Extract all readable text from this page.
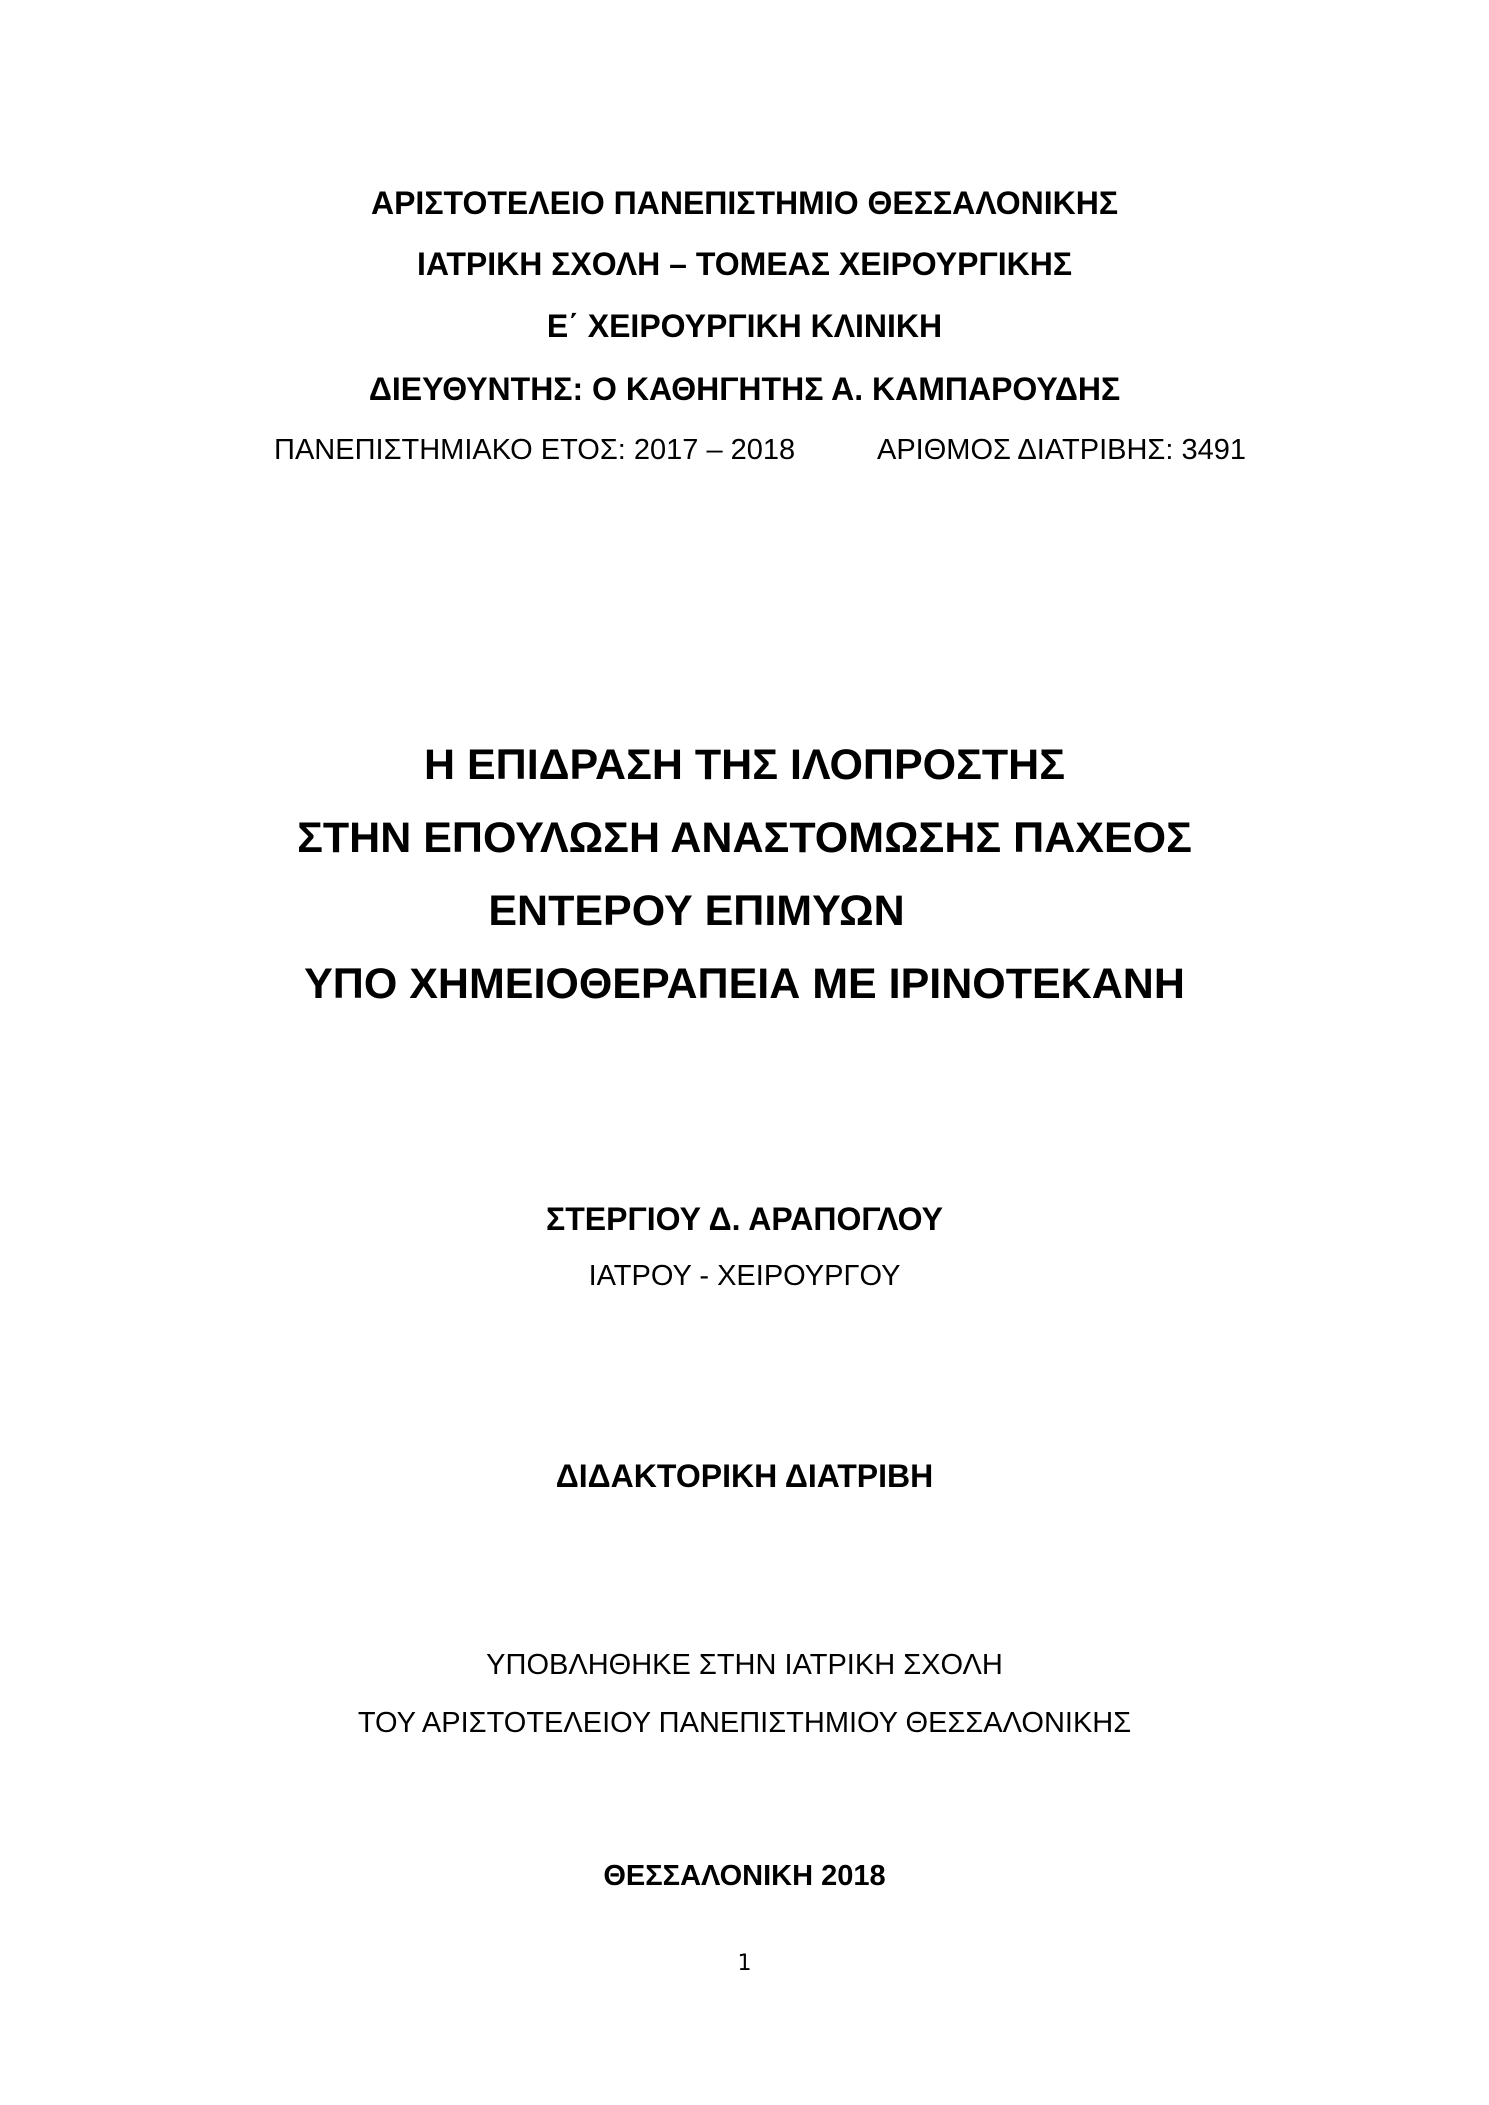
ΑΡΙΣΤΟΤΕΛΕΙΟ ΠΑΝΕΠΙΣΤΗΜΙΟ ΘΕΣΣΑΛΟΝΙΚΗΣ
ΙΑΤΡΙΚΗ ΣΧΟΛΗ – ΤΟΜΕΑΣ ΧΕΙΡΟΥΡΓΙΚΗΣ
Ε΄ ΧΕΙΡΟΥΡΓΙΚΗ ΚΛΙΝΙΚΗ
ΔΙΕΥΘΥΝΤΗΣ: Ο ΚΑΘΗΓΗΤΗΣ Α. ΚΑΜΠΑΡΟΥΔΗΣ
ΠΑΝΕΠΙΣΤΗΜΙΑΚΟ ΕΤΟΣ: 2017 – 2018	ΑΡΙΘΜΟΣ ΔΙΑΤΡΙΒΗΣ: 3491
Η ΕΠΙΔΡΑΣΗ ΤΗΣ ΙΛΟΠΡΟΣΤΗΣ
ΣΤΗΝ ΕΠΟΥΛΩΣΗ ΑΝΑΣΤΟΜΩΣΗΣ ΠΑΧΕΟΣ
ΕΝΤΕΡΟΥ ΕΠΙΜΥΩΝ
ΥΠΟ ΧΗΜΕΙΟΘΕΡΑΠΕΙΑ ΜΕ ΙΡΙΝΟΤΕΚΑΝΗ
ΣΤΕΡΓΙΟΥ Δ. ΑΡΑΠΟΓΛΟΥ
ΙΑΤΡΟΥ - ΧΕΙΡΟΥΡΓΟΥ
ΔΙΔΑΚΤΟΡΙΚΗ ΔΙΑΤΡΙΒΗ
ΥΠΟΒΛΗΘΗΚΕ ΣΤΗΝ ΙΑΤΡΙΚΗ ΣΧΟΛΗ
ΤΟΥ ΑΡΙΣΤΟΤΕΛΕΙΟΥ ΠΑΝΕΠΙΣΤΗΜΙΟΥ ΘΕΣΣΑΛΟΝΙΚΗΣ
ΘΕΣΣΑΛΟΝΙΚΗ 2018
1
